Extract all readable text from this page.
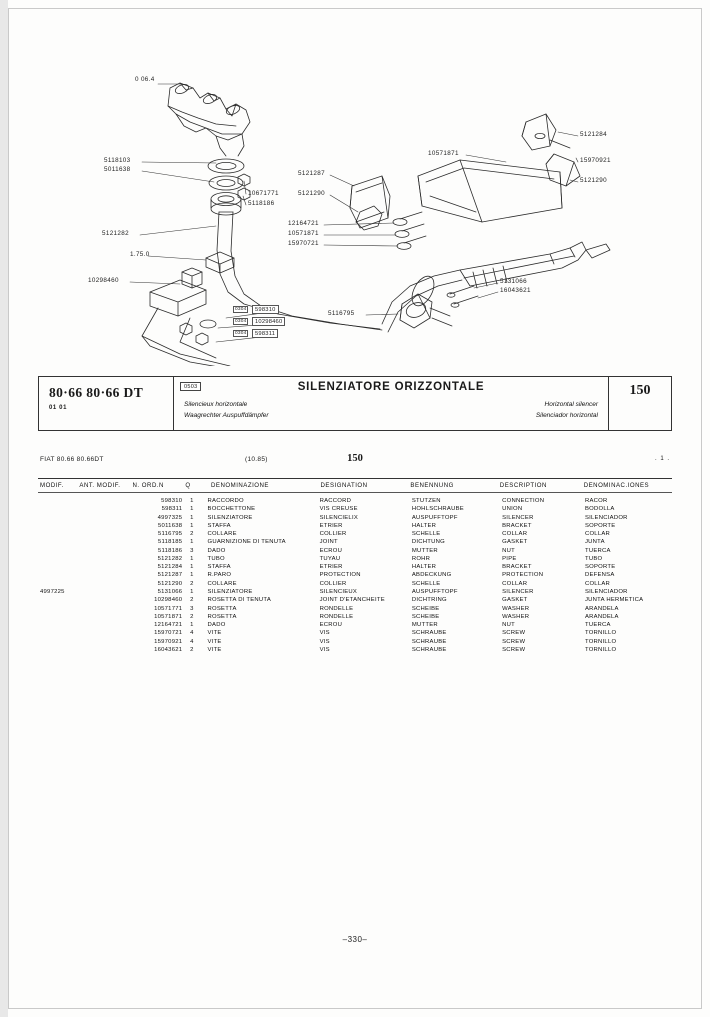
0 06.4
5118103
5011638
10671771
5118186
5121282
1.75.0
10298460
5121287
5121290
12164721
10571871
15970721
10571871
5121284
15970921
5121290
5131066
16043621
5116795
0304	598310
0304	10298460
0304	598311
80·66 80·66 DT
01 01
0503	SILENZIATORE ORIZZONTALE
Silencieux horizontale
Waagrechter Auspuffdämpfer
Horizontal silencer
Silenciador horizontal
150
FIAT 80.66 80.66DT	(10.85)	150	. 1 .
MODIF.	ANT. MODIF.	N. ORD.N	Q	DENOMINAZIONE	DESIGNATION	BENENNUNG	DESCRIPTION	DENOMINAC.IONES
		598310	1	RACCORDO	RACCORD	STUTZEN	CONNECTION	RACOR
		598311	1	BOCCHETTONE	VIS CREUSE	HOHLSCHRAUBE	UNION	BODOLLA
		4997325	1	SILENZIATORE	SILENCIELIX	AUSPUFFTOPF	SILENCER	SILENCIADOR
		5011638	1	STAFFA	ETRIER	HALTER	BRACKET	SOPORTE
		5116795	2	COLLARE	COLLIER	SCHELLE	COLLAR	COLLAR
		5118185	1	GUARNIZIONE DI TENUTA	JOINT	DICHTUNG	GASKET	JUNTA
		5118186	3	DADO	ECROU	MUTTER	NUT	TUERCA
		5121282	1	TUBO	TUYAU	ROHR	PIPE	TUBO
		5121284	1	STAFFA	ETRIER	HALTER	BRACKET	SOPORTE
		5121287	1	R.PARO	PROTECTION	ABDECKUNG	PROTECTION	DEFENSA
		5121290	2	COLLARE	COLLIER	SCHELLE	COLLAR	COLLAR
4997225		5131066	1	SILENZIATORE	SILENCIEUX	AUSPUFFTOPF	SILENCER	SILENCIADOR
		10298460	2	ROSETTA DI TENUTA	JOINT D'ETANCHEITE	DICHTRING	GASKET	JUNTA HERMETICA
		10571771	3	ROSETTA	RONDELLE	SCHEIBE	WASHER	ARANDELA
		10571871	2	ROSETTA	RONDELLE	SCHEIBE	WASHER	ARANDELA
		12164721	1	DADO	ECROU	MUTTER	NUT	TUERCA
		15970721	4	VITE	VIS	SCHRAUBE	SCREW	TORNILLO
		15970921	4	VITE	VIS	SCHRAUBE	SCREW	TORNILLO
		16043621	2	VITE	VIS	SCHRAUBE	SCREW	TORNILLO
–330–
